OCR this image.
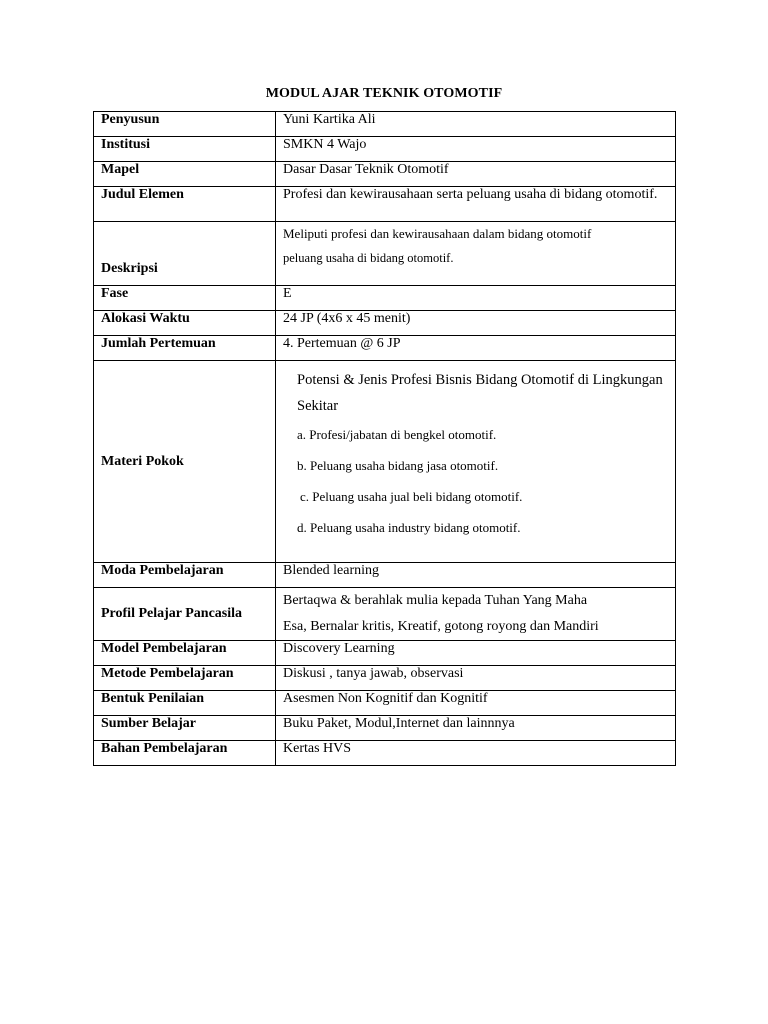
MODUL AJAR TEKNIK OTOMOTIF
Penyusun	Yuni Kartika Ali
Institusi	SMKN 4 Wajo
Mapel	Dasar Dasar Teknik Otomotif
Judul Elemen	Profesi dan kewirausahaan serta peluang usaha di bidang otomotif.
Deskripsi	Meliputi profesi dan kewirausahaan dalam bidang otomotif
peluang usaha di bidang otomotif.

Fase	E
Alokasi Waktu	24 JP (4x6 x 45 menit)
Jumlah Pertemuan	4. Pertemuan @ 6 JP
Materi Pokok	Potensi & Jenis Profesi Bisnis Bidang Otomotif di Lingkungan Sekitar
a. Profesi/jabatan di bengkel otomotif.
b. Peluang usaha bidang jasa otomotif.
c. Peluang usaha jual beli bidang otomotif.
d. Peluang usaha industry bidang otomotif.

Moda Pembelajaran	Blended learning
Profil Pelajar Pancasila	Bertaqwa & berahlak mulia kepada Tuhan Yang Maha
Esa, Bernalar kritis, Kreatif, gotong royong dan Mandiri

Model Pembelajaran	Discovery Learning
Metode Pembelajaran	Diskusi , tanya jawab, observasi
Bentuk Penilaian	Asesmen Non Kognitif dan Kognitif
Sumber Belajar	Buku Paket, Modul,Internet dan lainnnya
Bahan Pembelajaran	Kertas HVS
